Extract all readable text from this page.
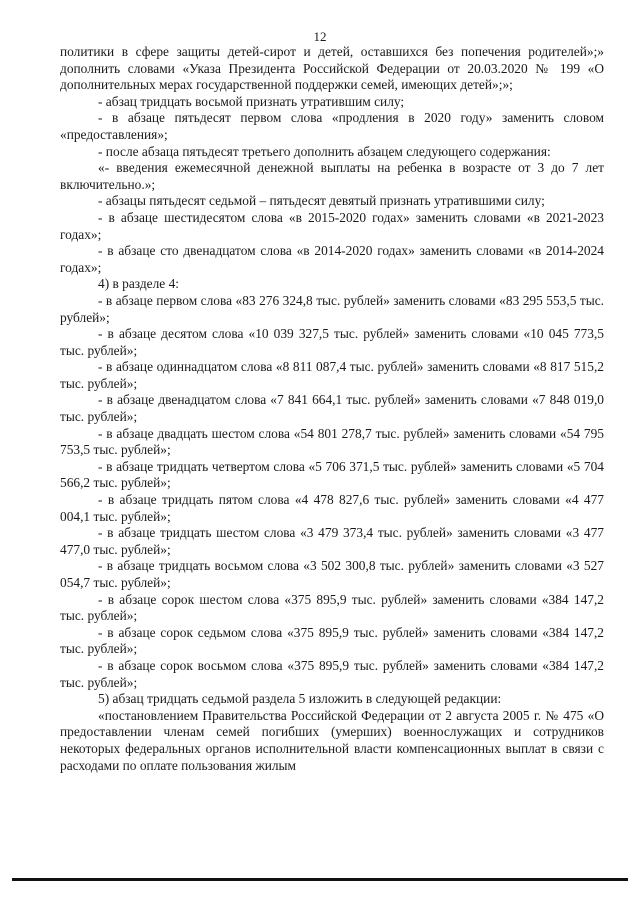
12

политики в сфере защиты детей-сирот и детей, оставшихся без попечения родителей»;» дополнить словами «Указа Президента Российской Федерации от 20.03.2020 № 199 «О дополнительных мерах государственной поддержки семей, имеющих детей»;»;

- абзац тридцать восьмой признать утратившим силу;

- в абзаце пятьдесят первом слова «продления в 2020 году» заменить словом «предоставления»;

- после абзаца пятьдесят третьего дополнить абзацем следующего содержания:

«- введения ежемесячной денежной выплаты на ребенка в возрасте от 3 до 7 лет включительно.»;

- абзацы пятьдесят седьмой – пятьдесят девятый признать утратившими силу;

- в абзаце шестидесятом слова «в 2015-2020 годах» заменить словами «в 2021-2023 годах»;

- в абзаце сто двенадцатом слова «в 2014-2020 годах» заменить словами «в 2014-2024 годах»;

4) в разделе 4:

- в абзаце первом слова «83 276 324,8 тыс. рублей» заменить словами «83 295 553,5 тыс. рублей»;

- в абзаце десятом слова «10 039 327,5 тыс. рублей» заменить словами «10 045 773,5 тыс. рублей»;

- в абзаце одиннадцатом слова «8 811 087,4 тыс. рублей» заменить словами «8 817 515,2 тыс. рублей»;

- в абзаце двенадцатом слова «7 841 664,1 тыс. рублей» заменить словами «7 848 019,0 тыс. рублей»;

- в абзаце двадцать шестом слова «54 801 278,7 тыс. рублей» заменить словами «54 795 753,5 тыс. рублей»;

- в абзаце тридцать четвертом слова «5 706 371,5 тыс. рублей» заменить словами «5 704 566,2 тыс. рублей»;

- в абзаце тридцать пятом слова «4 478 827,6 тыс. рублей» заменить словами «4 477 004,1 тыс. рублей»;

- в абзаце тридцать шестом слова «3 479 373,4 тыс. рублей» заменить словами «3 477 477,0 тыс. рублей»;

- в абзаце тридцать восьмом слова «3 502 300,8 тыс. рублей» заменить словами «3 527 054,7 тыс. рублей»;

- в абзаце сорок шестом слова «375 895,9 тыс. рублей» заменить словами «384 147,2 тыс. рублей»;

- в абзаце сорок седьмом слова «375 895,9 тыс. рублей» заменить словами «384 147,2 тыс. рублей»;

- в абзаце сорок восьмом слова «375 895,9 тыс. рублей» заменить словами «384 147,2 тыс. рублей»;

5) абзац тридцать седьмой раздела 5 изложить в следующей редакции:

«постановлением Правительства Российской Федерации от 2 августа 2005 г. № 475 «О предоставлении членам семей погибших (умерших) военнослужащих и сотрудников некоторых федеральных органов исполнительной власти компенсационных выплат в связи с расходами по оплате пользования жилым
